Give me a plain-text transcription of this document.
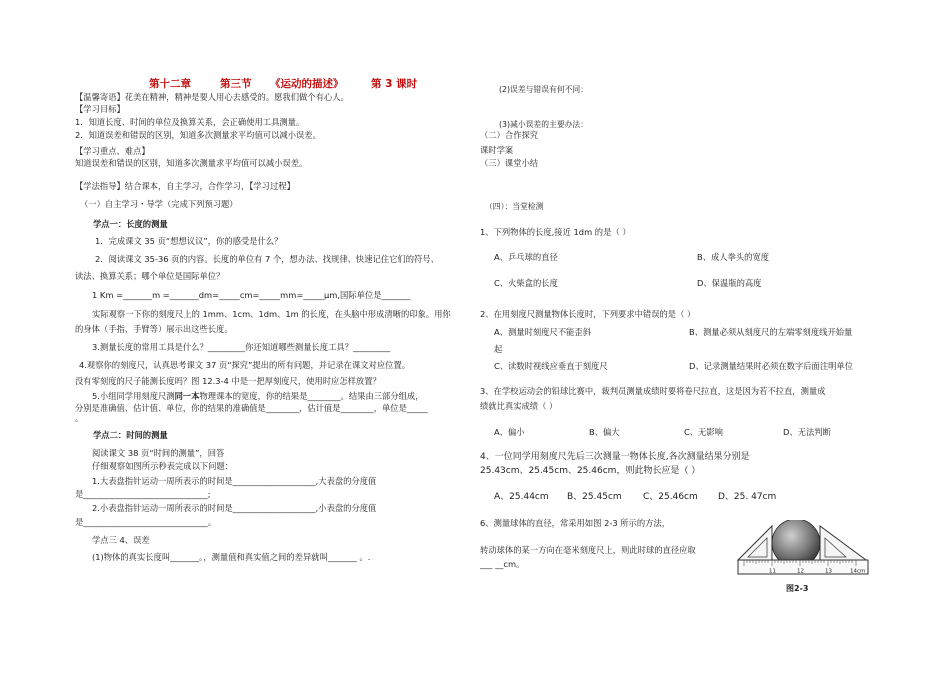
第十二章	第三节 《运动的描述》	第 3 课时
【温馨寄语】花美在精神，精神是要人用心去感受的。愿我们做个有心人。
【学习目标】
1．知道长度、时间的单位及换算关系，会正确使用工具测量。
2．知道误差和错误的区别，知道多次测量求平均值可以减小误差。
【学习重点、难点】
知道误差和错误的区别，知道多次测量求平均值可以减小误差。
【学法指导】结合课本，自主学习，合作学习，【学习过程】
（一）自主学习・导学（完成下列预习题）
学点一：长度的测量
1．完成课文 35 页“想想议议”，你的感受是什么？
2．阅读课文 35-36 页的内容。长度的单位有 7 个，想办法、找规律、快速记住它们的符号、
读法、换算关系；哪个单位是国际单位？
1 Km =_______m =_______dm=_____cm=_____mm=_____μm,国际单位是_______
实际观察一下你的刻度尺上的 1mm、1cm、1dm、1m 的长度，在头脑中形成清晰的印象。用你
的身体（手指、手臂等）展示出这些长度。
3.测量长度的常用工具是什么？_________你还知道哪些测量长度工具？_________
4.观察你的刻度尺，认真思考课文 37 页“探究”提出的所有问题，并记录在课文对应位置。
没有零刻度的尺子能测长度吗？图 12.3-4 中是一把厚刻度尺，使用时应怎样放置？
5.小组同学用刻度尺测同一本物理课本的宽度，你的结果是________。结果由三部分组成，
分别是准确值、估计值、单位，你的结果的准确值是________，估计值是________，单位是_____
。
学点二：时间的测量
阅读课文 38 页“时间的测量”，回答
仔细观察如图所示秒表完成以下问题：
1.大表盘指针运动一周所表示的时间是____________________,大表盘的分度值
是______________________________;
2.小表盘指针运动一周所表示的时间是____________________,小表盘的分度值
是______________________________。
学点三 4、误差
(1)物体的真实长度叫_______。，测量值和真实值之间的差异就叫_______ 。.
(2)误差与错误有何不同：
(3)减小误差的主要办法：
（二）合作探究
课时学案
（三）课堂小结
（四）：当堂检测
1、下列物体的长度,接近 1dm 的是（ ）
A、乒乓球的直径	B、成人拳头的宽度
C、火柴盒的长度	D、保温瓶的高度
2、在用刻度尺测量物体长度时，下列要求中错误的是（ ）
A、测量时刻度尺不能歪斜	B、测量必须从刻度尺的左端零刻度线开始量
起
C、读数时视线应垂直于刻度尺	D、记录测量结果时必须在数字后面注明单位
3、在学校运动会的铅球比赛中，裁判员测量成绩时要将卷尺拉直，这是因为若不拉直，测量成
绩就比真实成绩（ ）
A、偏小	B、偏大	C、无影响	D、无法判断
4、一位同学用刻度尺先后三次测量一物体长度,各次测量结果分别是
25.43cm、25.45cm、25.46cm，则此物长应是（ ）
A、25.44cm B、25.45cm C、25.46cm D、25. 47cm
6、测量球体的直径，常采用如图 2-3 所示的方法，
转动球体的某一方向在毫米刻度尺上，则此时球的直径应取
___ __cm。
11	12	13	14cm
图2-3
